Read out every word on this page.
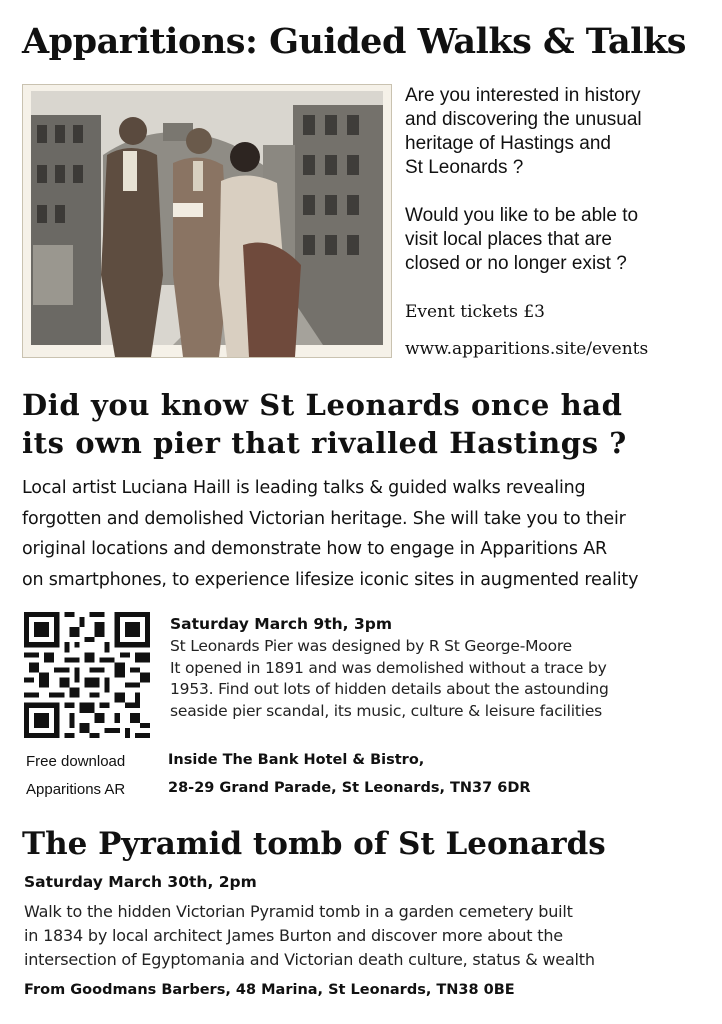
Apparitions: Guided Walks & Talks

Are you interested in history

and discovering the unusual

heritage of Hastings and

St Leonards ?

Would you like to be able to

visit local places that are

closed or no longer exist ?

Event tickets £3
www.apparitions.site/events
Did you know St Leonards once had
its own pier that rivalled Hastings ?
Local artist Luciana Haill is leading talks & guided walks revealing
forgotten and demolished Victorian heritage. She will take you to their
original locations and demonstrate how to engage in Apparitions AR
on smartphones, to experience lifesize iconic sites in augmented reality
Free download
Apparitions AR
Saturday March 9th, 3pm
St Leonards Pier was designed by R St George-Moore
It opened in 1891 and was demolished without a trace by
1953. Find out lots of hidden details about the astounding
seaside pier scandal, its music, culture & leisure facilities
Inside The Bank Hotel & Bistro,
28-29 Grand Parade, St Leonards, TN37 6DR
The Pyramid tomb of St Leonards
Saturday March 30th, 2pm
Walk to the hidden Victorian Pyramid tomb in a garden cemetery built
in 1834 by local architect James Burton and discover more about the
intersection of Egyptomania and Victorian death culture, status & wealth
From Goodmans Barbers, 48 Marina, St Leonards, TN38 0BE
